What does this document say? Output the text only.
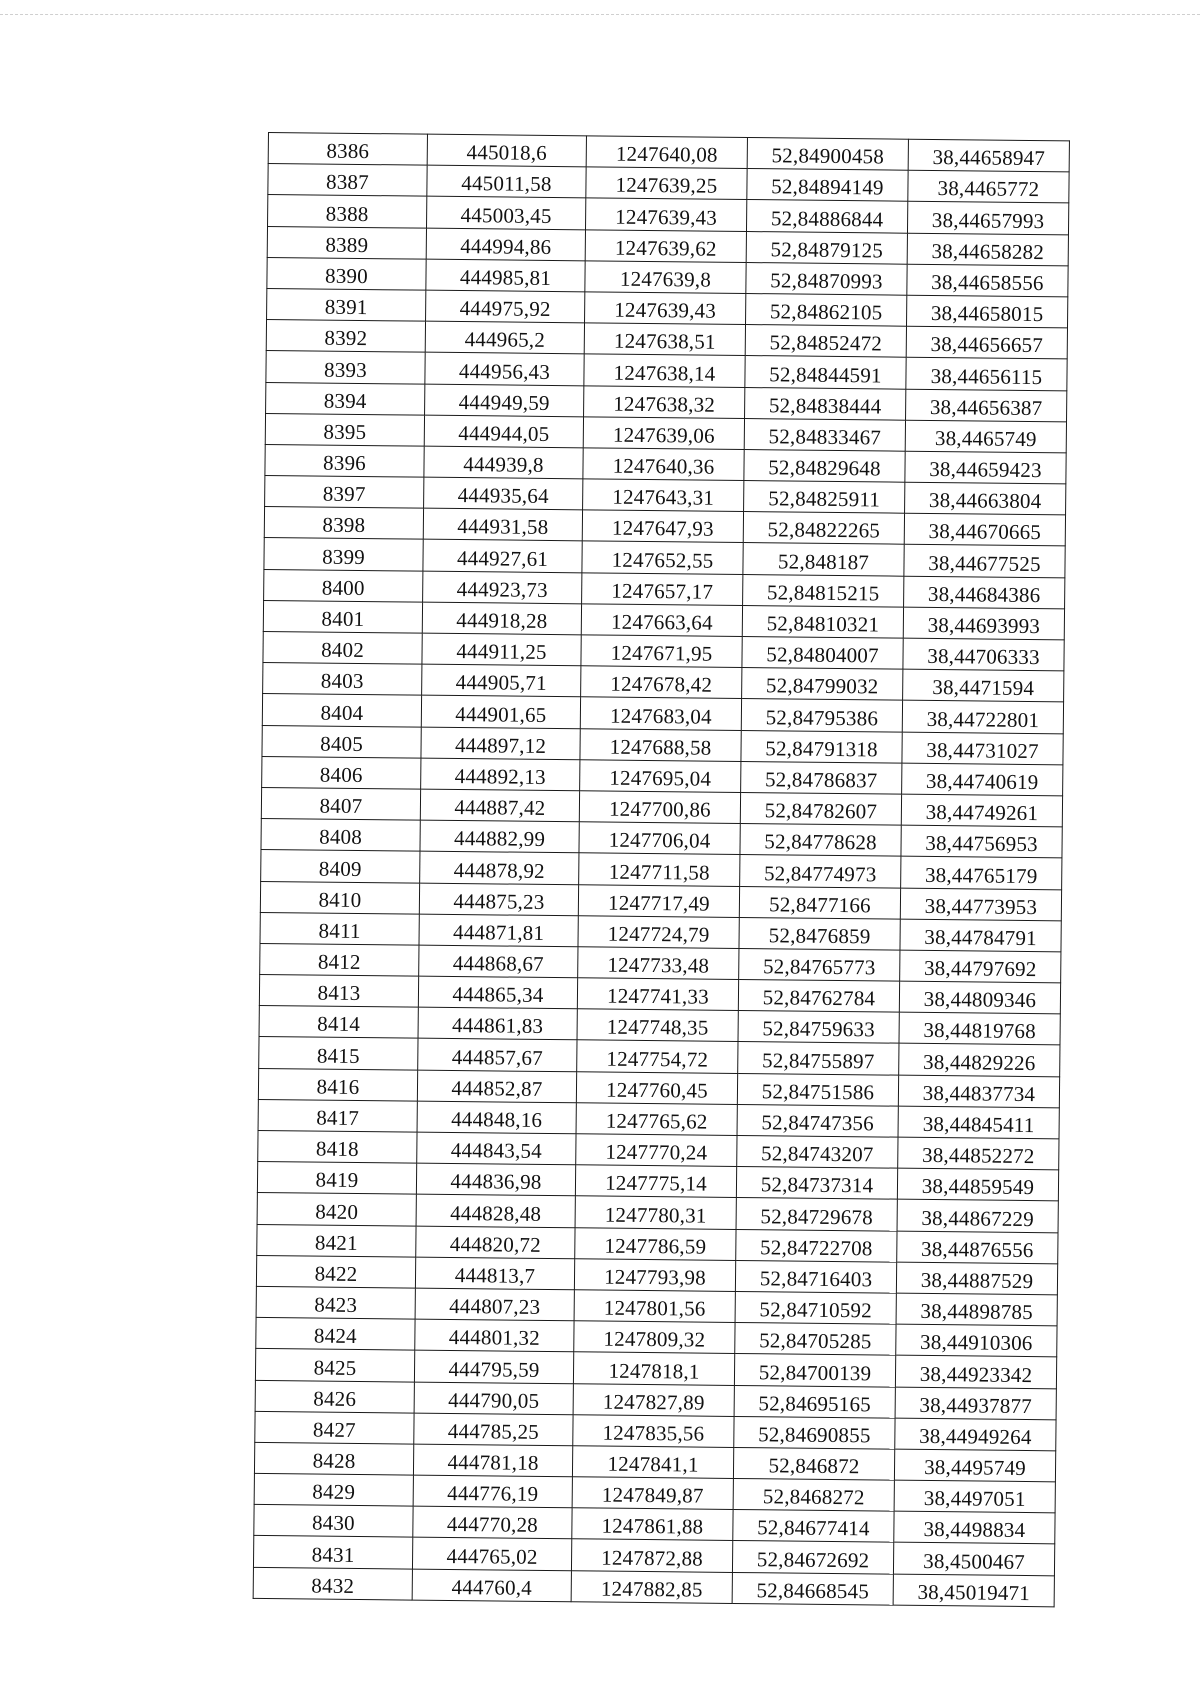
8386	445018,6	1247640,08	52,84900458	38,44658947
8387	445011,58	1247639,25	52,84894149	38,4465772
8388	445003,45	1247639,43	52,84886844	38,44657993
8389	444994,86	1247639,62	52,84879125	38,44658282
8390	444985,81	1247639,8	52,84870993	38,44658556
8391	444975,92	1247639,43	52,84862105	38,44658015
8392	444965,2	1247638,51	52,84852472	38,44656657
8393	444956,43	1247638,14	52,84844591	38,44656115
8394	444949,59	1247638,32	52,84838444	38,44656387
8395	444944,05	1247639,06	52,84833467	38,4465749
8396	444939,8	1247640,36	52,84829648	38,44659423
8397	444935,64	1247643,31	52,84825911	38,44663804
8398	444931,58	1247647,93	52,84822265	38,44670665
8399	444927,61	1247652,55	52,848187	38,44677525
8400	444923,73	1247657,17	52,84815215	38,44684386
8401	444918,28	1247663,64	52,84810321	38,44693993
8402	444911,25	1247671,95	52,84804007	38,44706333
8403	444905,71	1247678,42	52,84799032	38,4471594
8404	444901,65	1247683,04	52,84795386	38,44722801
8405	444897,12	1247688,58	52,84791318	38,44731027
8406	444892,13	1247695,04	52,84786837	38,44740619
8407	444887,42	1247700,86	52,84782607	38,44749261
8408	444882,99	1247706,04	52,84778628	38,44756953
8409	444878,92	1247711,58	52,84774973	38,44765179
8410	444875,23	1247717,49	52,8477166	38,44773953
8411	444871,81	1247724,79	52,8476859	38,44784791
8412	444868,67	1247733,48	52,84765773	38,44797692
8413	444865,34	1247741,33	52,84762784	38,44809346
8414	444861,83	1247748,35	52,84759633	38,44819768
8415	444857,67	1247754,72	52,84755897	38,44829226
8416	444852,87	1247760,45	52,84751586	38,44837734
8417	444848,16	1247765,62	52,84747356	38,44845411
8418	444843,54	1247770,24	52,84743207	38,44852272
8419	444836,98	1247775,14	52,84737314	38,44859549
8420	444828,48	1247780,31	52,84729678	38,44867229
8421	444820,72	1247786,59	52,84722708	38,44876556
8422	444813,7	1247793,98	52,84716403	38,44887529
8423	444807,23	1247801,56	52,84710592	38,44898785
8424	444801,32	1247809,32	52,84705285	38,44910306
8425	444795,59	1247818,1	52,84700139	38,44923342
8426	444790,05	1247827,89	52,84695165	38,44937877
8427	444785,25	1247835,56	52,84690855	38,44949264
8428	444781,18	1247841,1	52,846872	38,4495749
8429	444776,19	1247849,87	52,8468272	38,4497051
8430	444770,28	1247861,88	52,84677414	38,4498834
8431	444765,02	1247872,88	52,84672692	38,4500467
8432	444760,4	1247882,85	52,84668545	38,45019471
